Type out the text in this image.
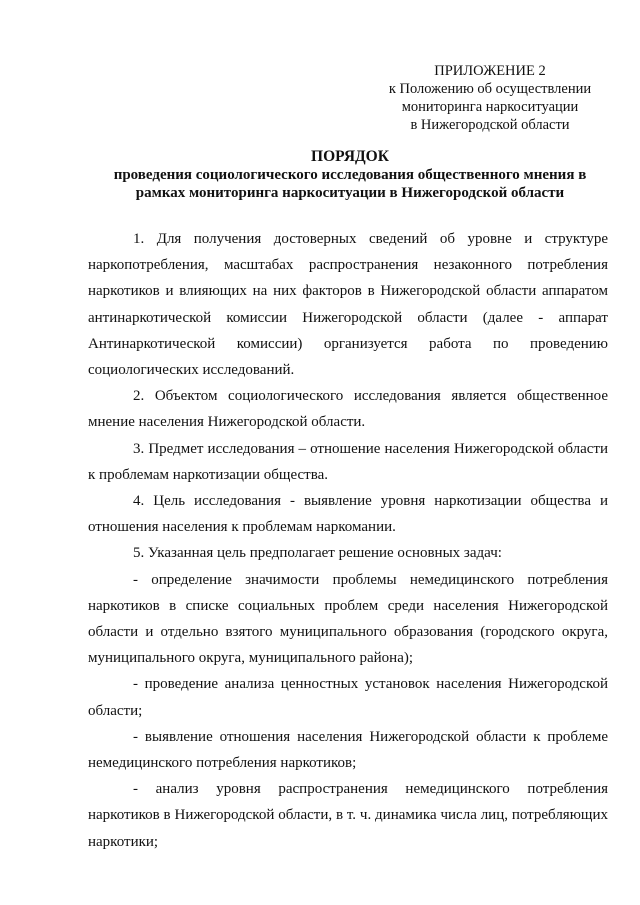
ПРИЛОЖЕНИЕ 2
к Положению об осуществлении
мониторинга наркоситуации
в Нижегородской области
ПОРЯДОК
проведения социологического исследования общественного мнения в
рамках мониторинга наркоситуации в Нижегородской области

1. Для получения достоверных сведений об уровне и структуре наркопотребления, масштабах распространения незаконного потребления наркотиков и влияющих на них факторов в Нижегородской области аппаратом антинаркотической комиссии Нижегородской области (далее - аппарат Антинаркотической комиссии) организуется работа по проведению социологических исследований.

2. Объектом социологического исследования является общественное мнение населения Нижегородской области.

3. Предмет исследования – отношение населения Нижегородской области к проблемам наркотизации общества.

4. Цель исследования - выявление уровня наркотизации общества и отношения населения к проблемам наркомании.

5. Указанная цель предполагает решение основных задач:

- определение значимости проблемы немедицинского потребления наркотиков в списке социальных проблем среди населения Нижегородской области и отдельно взятого муниципального образования (городского округа, муниципального округа, муниципального района);

- проведение анализа ценностных установок населения Нижегородской области;

- выявление отношения населения Нижегородской области к проблеме немедицинского потребления наркотиков;

- анализ уровня распространения немедицинского потребления наркотиков в Нижегородской области, в т. ч. динамика числа лиц, потребляющих наркотики;
